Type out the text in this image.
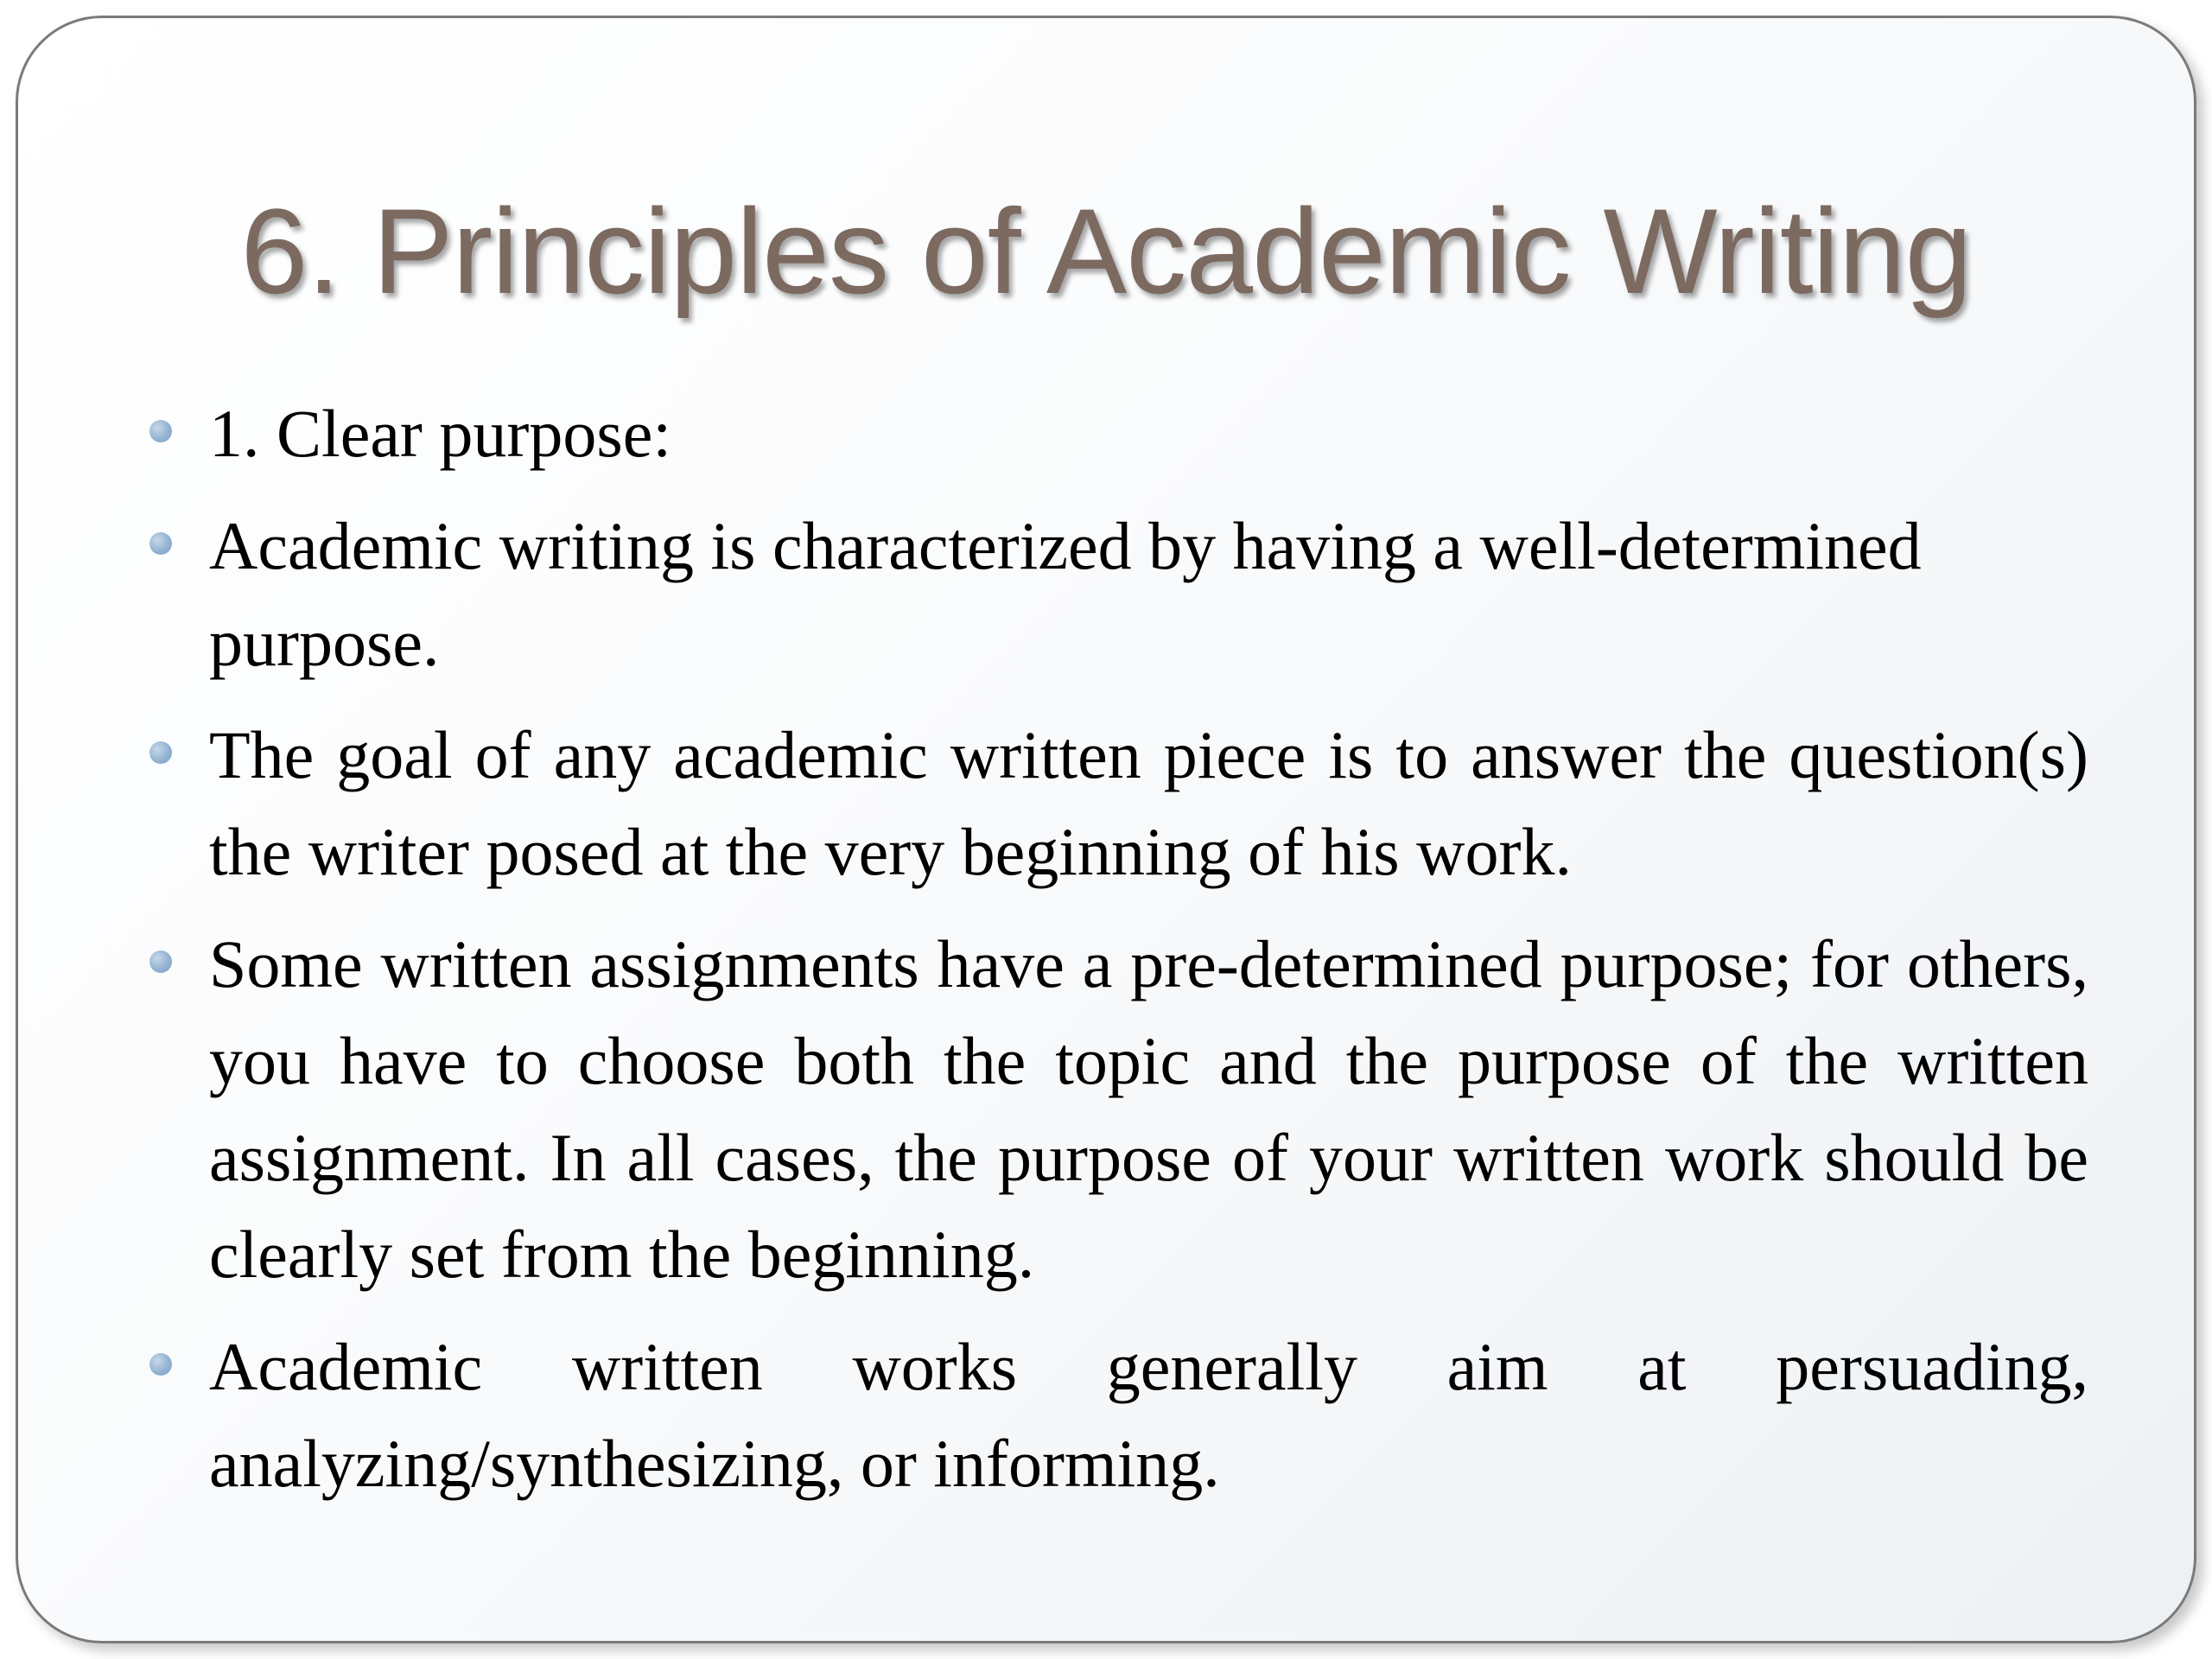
6. Principles of Academic Writing
1. Clear purpose:
Academic writing is characterized by having a well-determined purpose.
The goal of any academic written piece is to answer the question(s) the writer posed at the very beginning of his work.
Some written assignments have a pre-determined purpose; for others, you have to choose both the topic and the purpose of the written assignment. In all cases, the purpose of your written work should be clearly set from the beginning.
Academic written works generally aim at persuading, analyzing/synthesizing, or informing.
